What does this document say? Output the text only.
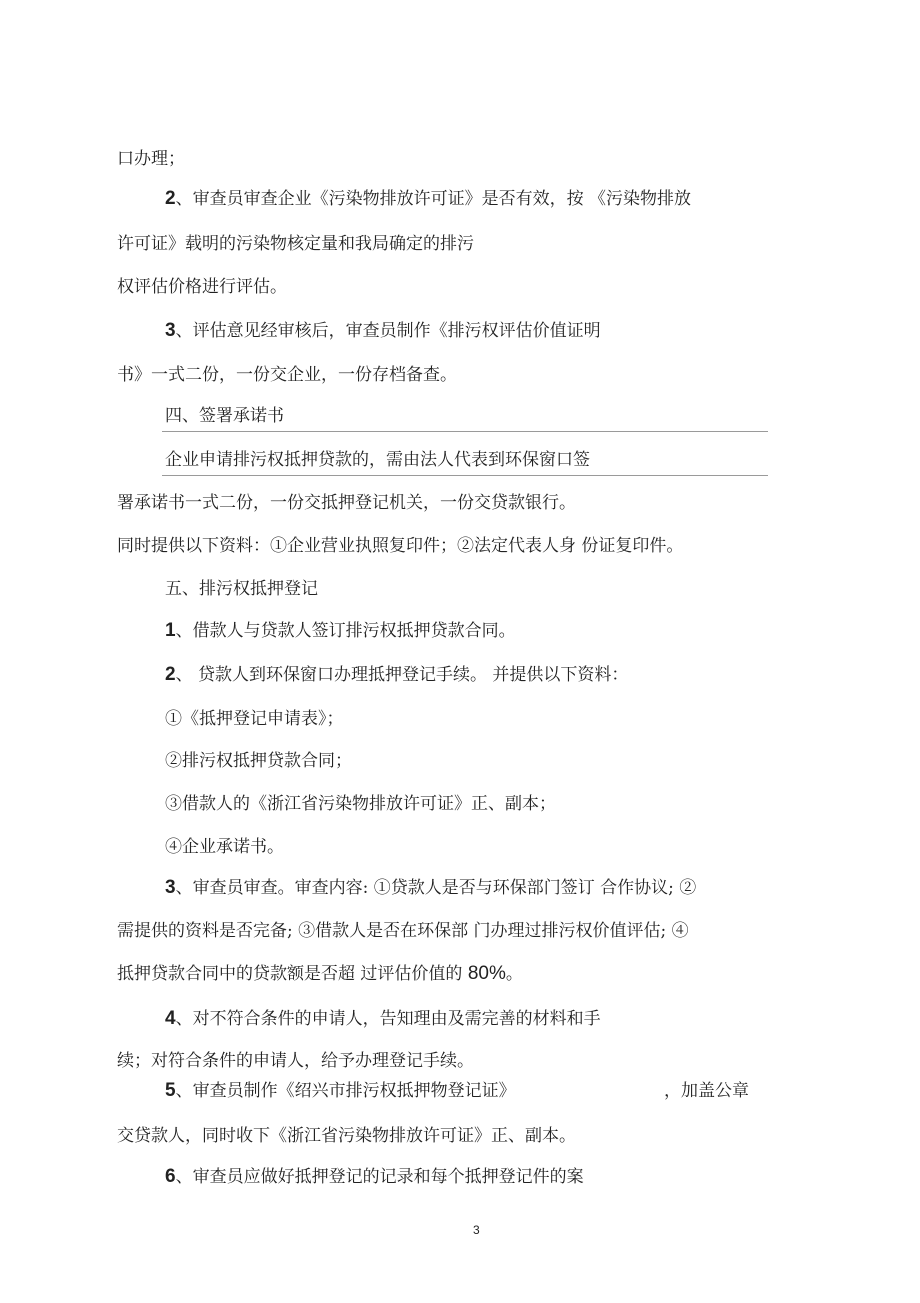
口办理；
2、审查员审查企业《污染物排放许可证》是否有效，按 《污染物排放
许可证》载明的污染物核定量和我局确定的排污
权评估价格进行评估。
3、评估意见经审核后，审查员制作《排污权评估价值证明
书》一式二份，一份交企业，一份存档备查。
四、签署承诺书
企业申请排污权抵押贷款的，需由法人代表到环保窗口签
署承诺书一式二份，一份交抵押登记机关，一份交贷款银行。
同时提供以下资料：①企业营业执照复印件；②法定代表人身 份证复印件。
五、排污权抵押登记
1、借款人与贷款人签订排污权抵押贷款合同。
2、 贷款人到环保窗口办理抵押登记手续。 并提供以下资料：
①《抵押登记申请表》；
②排污权抵押贷款合同；
③借款人的《浙江省污染物排放许可证》正、副本；
④企业承诺书。
3、审查员审查。审查内容: ①贷款人是否与环保部门签订 合作协议; ②
需提供的资料是否完备; ③借款人是否在环保部 门办理过排污权价值评估; ④
抵押贷款合同中的贷款额是否超 过评估价值的 80%。
4、对不符合条件的申请人，告知理由及需完善的材料和手
续；对符合条件的申请人，给予办理登记手续。
5、审查员制作《绍兴市排污权抵押物登记证》	，加盖公章
交贷款人，同时收下《浙江省污染物排放许可证》正、副本。
6、审查员应做好抵押登记的记录和每个抵押登记件的案
3
